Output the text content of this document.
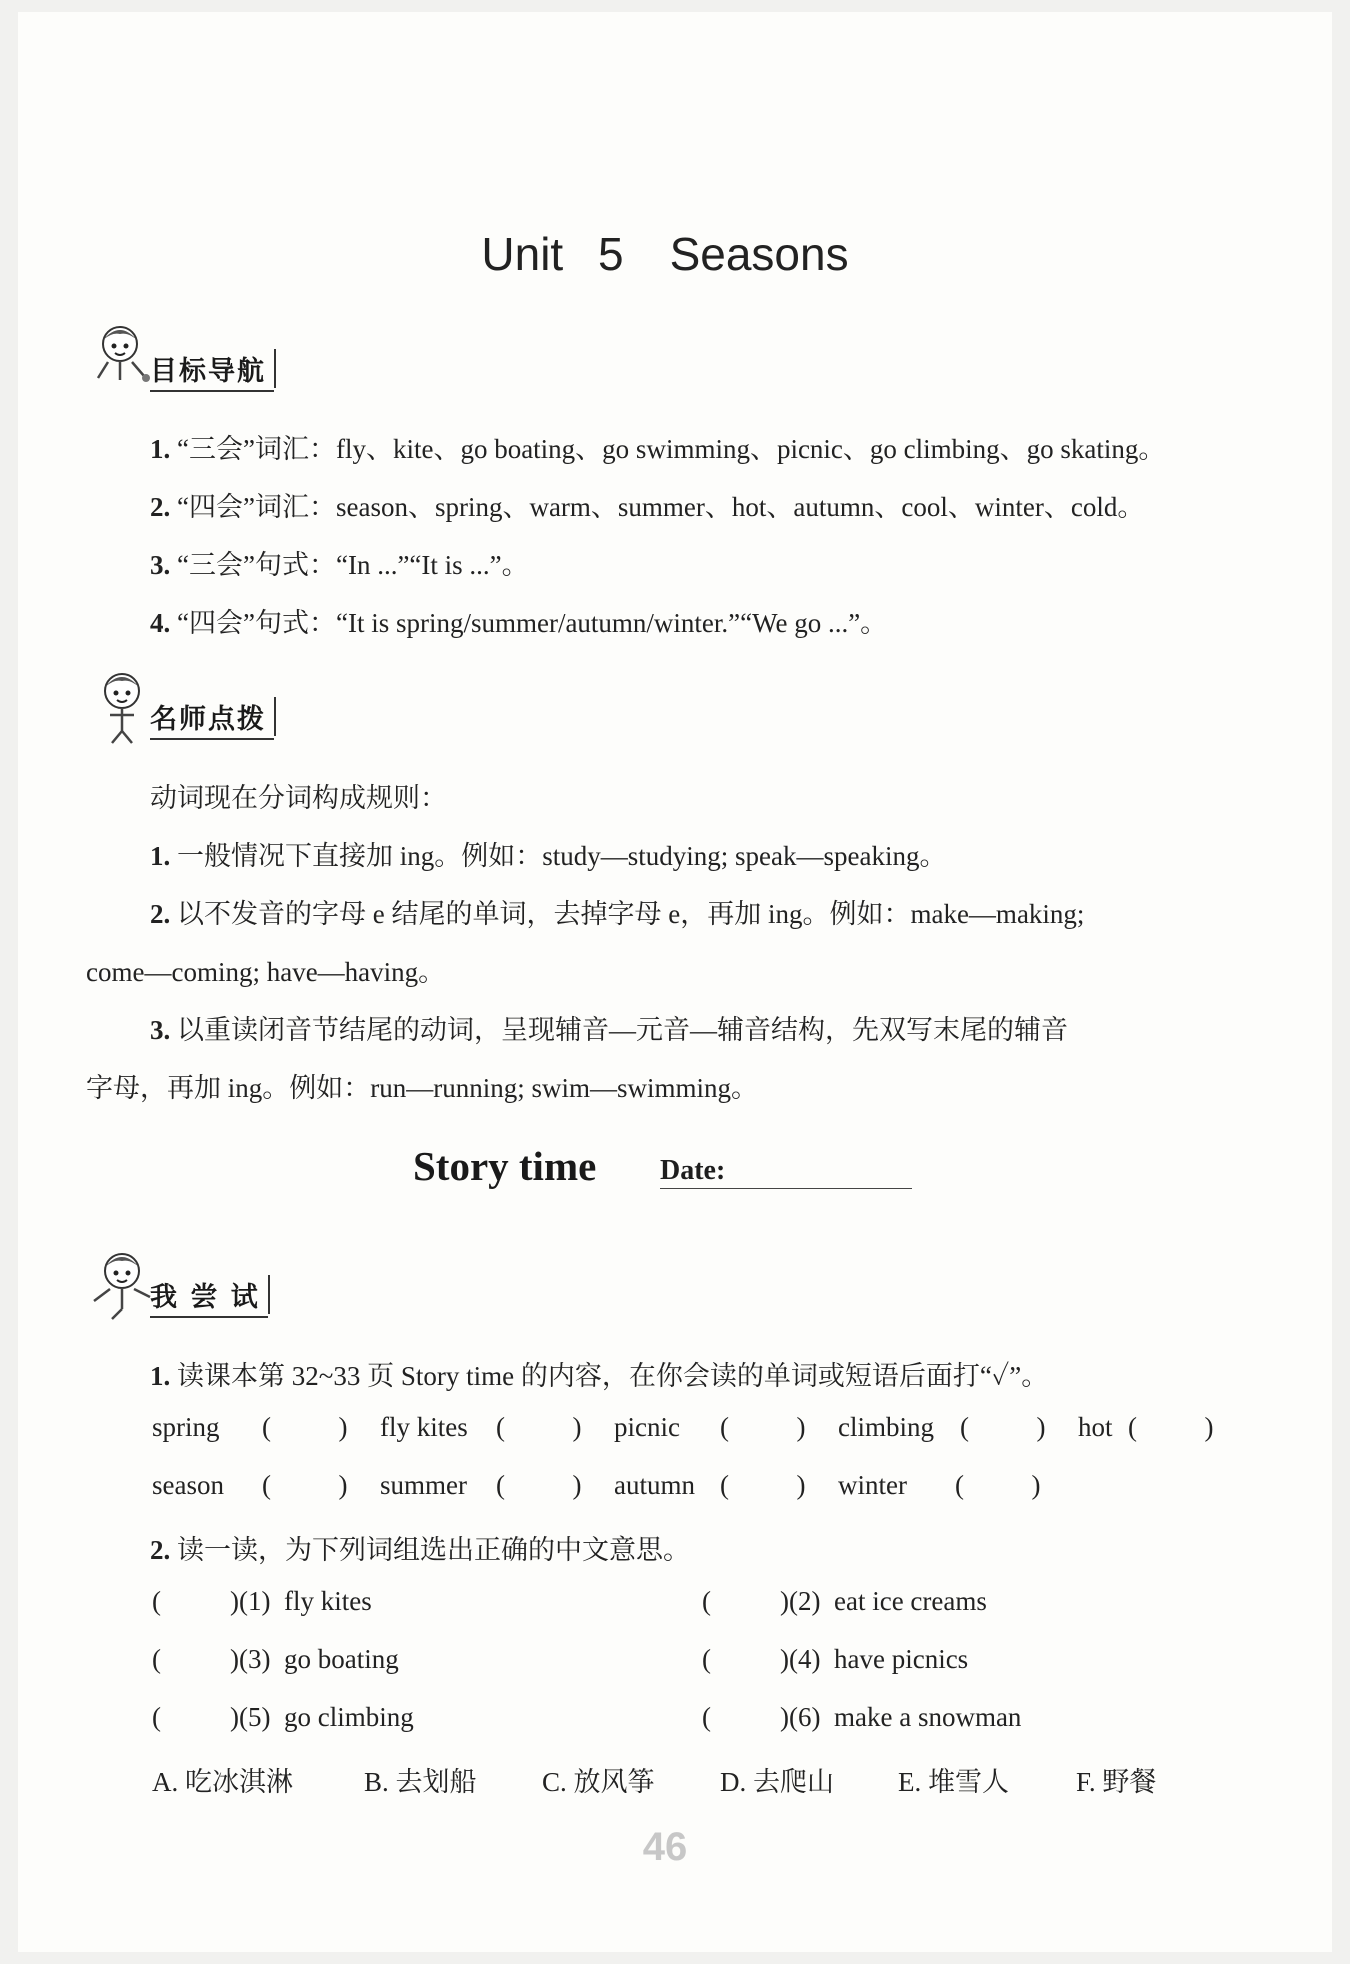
Unit 5　Seasons
目标导航
1. “三会”词汇：fly、kite、go boating、go swimming、picnic、go climbing、go skating。
2. “四会”词汇：season、spring、warm、summer、hot、autumn、cool、winter、cold。
3. “三会”句式：“In ...”“It is ...”。
4. “四会”句式：“It is spring/summer/autumn/winter.”“We go ...”。
名师点拨
动词现在分词构成规则：
1. 一般情况下直接加 ing。例如：study—studying; speak—speaking。
2. 以不发音的字母 e 结尾的单词，去掉字母 e，再加 ing。例如：make—making;
come—coming; have—having。
3. 以重读闭音节结尾的动词，呈现辅音—元音—辅音结构，先双写末尾的辅音
字母，再加 ing。例如：run—running; swim—swimming。
Story time Date:
我 尝 试
1. 读课本第 32~33 页 Story time 的内容，在你会读的单词或短语后面打“✓”。
spring (   ) fly kites (   ) picnic (   ) climbing (   ) hot (   )
season (   ) summer (   ) autumn (   ) winter (   )
2. 读一读，为下列词组选出正确的中文意思。
(   )(1)  fly kites	(   )(2)  eat ice creams
(   )(3)  go boating	(   )(4)  have picnics
(   )(5)  go climbing	(   )(6)  make a snowman
A. 吃冰淇淋	B. 去划船 C. 放风筝 D. 去爬山 E. 堆雪人 F. 野餐
46
